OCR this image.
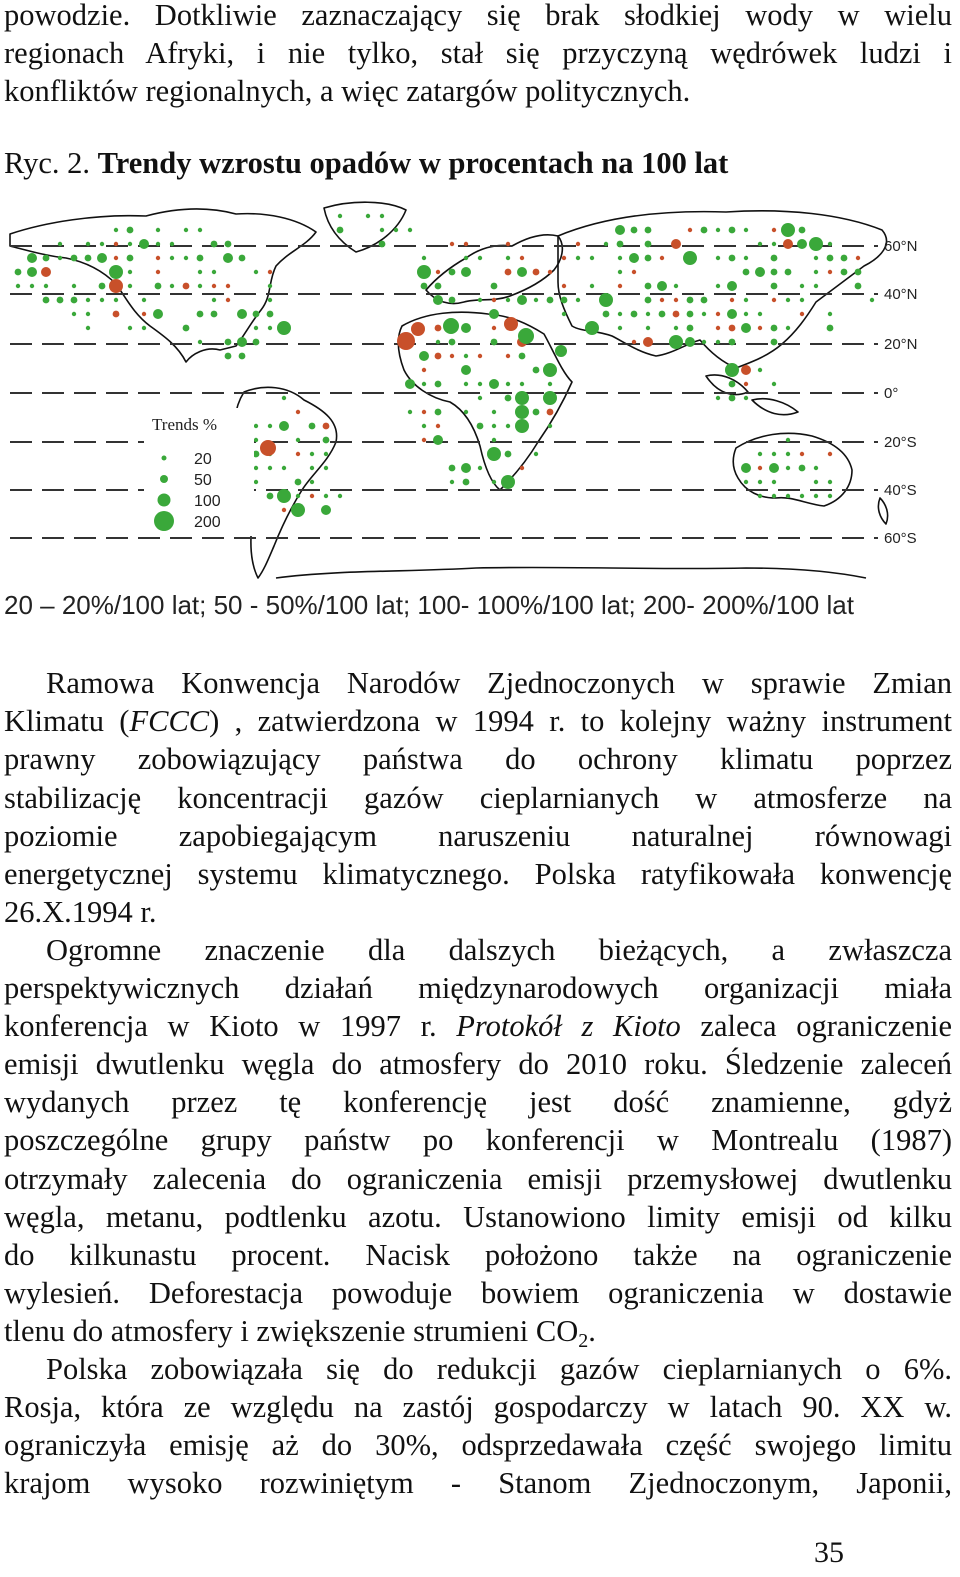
powodzie. Dotkliwie zaznaczający się brak słodkiej wody w wielu
regionach Afryki, i nie tylko, stał się przyczyną wędrówek ludzi i
konfliktów regionalnych, a więc zatargów politycznych.
Ryc. 2. Trendy wzrostu opadów w procentach na 100 lat
60°N
40°N
20°N
0°
20°S
40°S
60°S
Trends %
20
50
100
200
20 – 20%/100 lat; 50 - 50%/100 lat; 100- 100%/100 lat; 200- 200%/100 lat
Ramowa Konwencja Narodów Zjednoczonych w sprawie Zmian
Klimatu (FCCC) , zatwierdzona w 1994 r. to kolejny ważny instrument
prawny zobowiązujący państwa do ochrony klimatu poprzez
stabilizację koncentracji gazów cieplarnianych w atmosferze na
poziomie zapobiegającym naruszeniu naturalnej równowagi
energetycznej systemu klimatycznego. Polska ratyfikowała konwencję
26.X.1994 r.
Ogromne znaczenie dla dalszych bieżących, a zwłaszcza
perspektywicznych działań międzynarodowych organizacji miała
konferencja w Kioto w 1997 r. Protokół z Kioto zaleca ograniczenie
emisji dwutlenku węgla do atmosfery do 2010 roku. Śledzenie zaleceń
wydanych przez tę konferencję jest dość znamienne, gdyż
poszczególne grupy państw po konferencji w Montrealu (1987)
otrzymały zalecenia do ograniczenia emisji przemysłowej dwutlenku
węgla, metanu, podtlenku azotu. Ustanowiono limity emisji od kilku
do kilkunastu procent. Nacisk położono także na ograniczenie
wylesień. Deforestacja powoduje bowiem ograniczenia w dostawie
tlenu do atmosfery i zwiększenie strumieni $CO_2$.
Polska zobowiązała się do redukcji gazów cieplarnianych o 6%.
Rosja, która ze względu na zastój gospodarczy w latach 90. XX w.
ograniczyła emisję aż do 30%, odsprzedawała część swojego limitu
krajom wysoko rozwiniętym - Stanom Zjednoczonym, Japonii,
35
